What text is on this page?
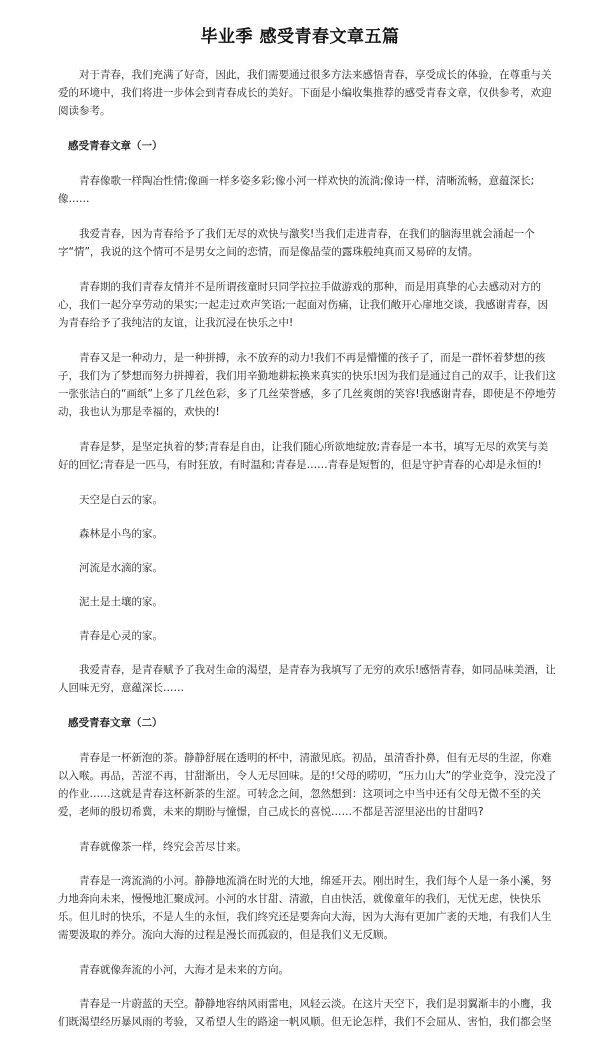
毕业季 感受青春文章五篇

对于青春，我们充满了好奇，因此，我们需要通过很多方法来感悟青春，享受成长的体验，在尊重与关爱的环境中，我们将进一步体会到青春成长的美好。下面是小编收集推荐的感受青春文章，仅供参考，欢迎阅读参考。

感受青春文章（一）

青春像歌一样陶冶性情;像画一样多姿多彩;像小河一样欢快的流淌;像诗一样，清晰流畅，意蕴深长;像……

我爱青春，因为青春给予了我们无尽的欢快与激奖!当我们走进青春，在我们的脑海里就会涌起一个字“情”，我说的这个情可不是男女之间的恋情，而是像晶莹的露珠般纯真而又易碎的友情。

青春期的我们青春友情并不是所谓孩童时只同学拉拉手做游戏的那种，而是用真挚的心去感动对方的心，我们一起分享劳动的果实;一起走过欢声笑语;一起面对伤痛，让我们敞开心扉地交谈，我感谢青春，因为青春给予了我纯洁的友谊，让我沉浸在快乐之中!

青春又是一种动力，是一种拼搏，永不放弃的动力!我们不再是懵懂的孩子了，而是一群怀着梦想的孩子，我们为了梦想而努力拼搏着，我们用辛勤地耕耘换来真实的快乐!因为我们是通过自己的双手，让我们这一张张洁白的“画纸”上多了几丝色彩，多了几丝荣誉感，多了几丝爽朗的笑容!我感谢青春，即使是不停地劳动，我也认为那是幸福的，欢快的!

青春是梦，是坚定执着的梦;青春是自由，让我们随心所欲地绽放;青春是一本书，填写无尽的欢笑与美好的回忆;青春是一匹马，有时狂放，有时温和;青春是……青春是短暂的，但是守护青春的心却是永恒的!

天空是白云的家。

森林是小鸟的家。

河流是水滴的家。

泥土是土壤的家。

青春是心灵的家。

我爱青春，是青春赋予了我对生命的渴望，是青春为我填写了无穷的欢乐!感悟青春，如同品味美酒，让人回味无穷，意蕴深长……

感受青春文章（二）

青春是一杯新泡的茶。静静舒展在透明的杯中，清澈见底。初品，虽清香扑鼻，但有无尽的生涩，你难以入喉。再品，苦涩不再，甘甜渐出，令人无尽回味。是的!父母的唠叨，“压力山大”的学业竞争，没完没了的作业……这就是青春这杯新茶的生涩。可转念之间，忽然想到：这项诃之中当中还有父母无微不至的关爱，老师的殷切希冀，未来的期盼与憧憬，自己成长的喜悦……不都是苦涩里泌出的甘甜吗?

青春就像茶一样，终究会苦尽甘来。

青春是一湾流淌的小河。静静地流淌在时光的大地，绵延开去。刚出时生，我们每个人是一条小溪，努力地奔向未来，慢慢地汇聚成河。小河的水甘甜、清澈，自由快活，就像童年的我们，无忧无虑，快快乐乐。但儿时的快乐，不是人生的永恒，我们终究还是要奔向大海，因为大海有更加广袤的天地，有我们人生需要汲取的养分。流向大海的过程是漫长而孤寂的，但是我们义无反顾。

青春就像奔流的小河，大海才是未来的方向。

青春是一片蔚蓝的天空。静静地容纳风雨雷电，风轻云淡。在这片天空下，我们是羽翼渐丰的小鹰，我们既渴望经历暴风雨的考验，又希望人生的路途一帆风顺。但无论怎样，我们不会屈从、害怕，我们都会坚
